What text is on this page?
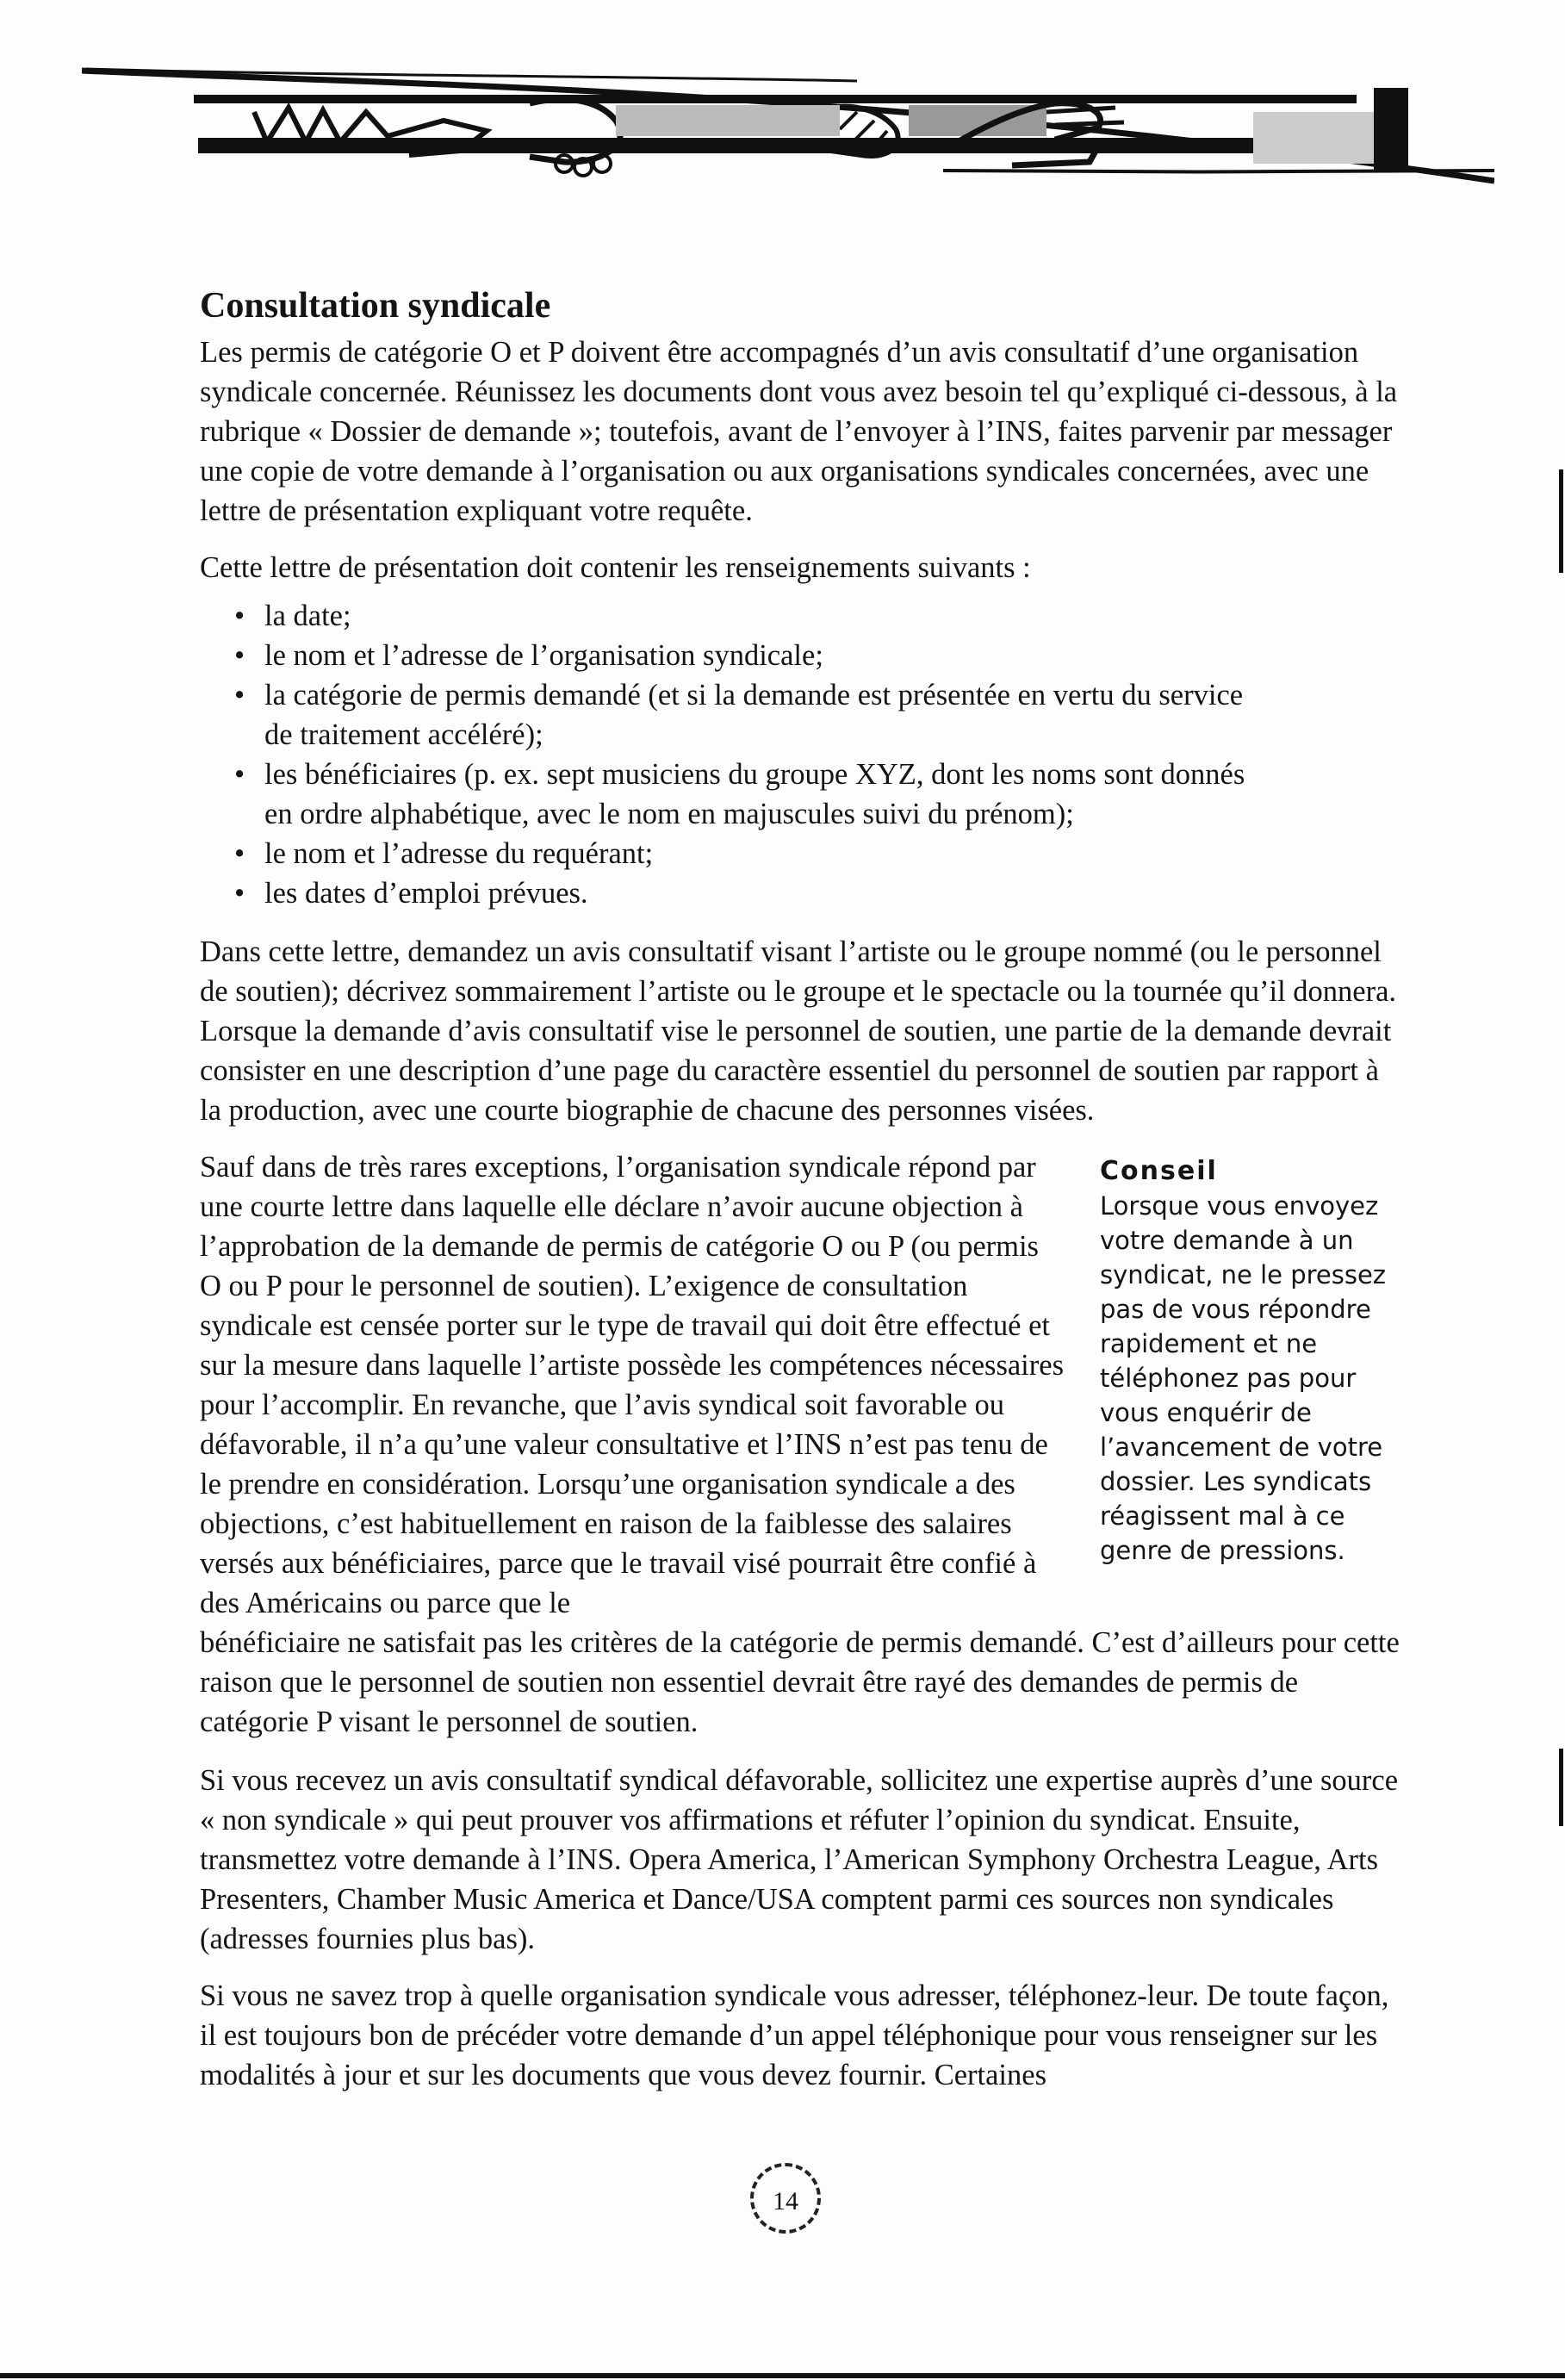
Consultation syndicale

Les permis de catégorie O et P doivent être accompagnés d’un avis consultatif d’une organisation syndicale concernée. Réunissez les documents dont vous avez besoin tel qu’expliqué ci-dessous, à la rubrique « Dossier de demande »; toutefois, avant de l’envoyer à l’INS, faites parvenir par messager une copie de votre demande à l’organisation ou aux organisations syndicales concernées, avec une lettre de présentation expliquant votre requête.

Cette lettre de présentation doit contenir les renseignements suivants :

• la date;
• le nom et l’adresse de l’organisation syndicale;
• la catégorie de permis demandé (et si la demande est présentée en vertu du service de traitement accéléré);
• les bénéficiaires (p. ex. sept musiciens du groupe XYZ, dont les noms sont donnés en ordre alphabétique, avec le nom en majuscules suivi du prénom);
• le nom et l’adresse du requérant;
• les dates d’emploi prévues.

Dans cette lettre, demandez un avis consultatif visant l’artiste ou le groupe nommé (ou le personnel de soutien); décrivez sommairement l’artiste ou le groupe et le spectacle ou la tournée qu’il donnera. Lorsque la demande d’avis consultatif vise le personnel de soutien, une partie de la demande devrait consister en une description d’une page du caractère essentiel du personnel de soutien par rapport à la production, avec une courte biographie de chacune des personnes visées.

Sauf dans de très rares exceptions, l’organisation syndicale répond par une courte lettre dans laquelle elle déclare n’avoir aucune objection à l’approbation de la demande de permis de catégorie O ou P (ou permis O ou P pour le personnel de soutien). L’exigence de consultation syndicale est censée porter sur le type de travail qui doit être effectué et sur la mesure dans laquelle l’artiste possède les compétences nécessaires pour l’accomplir. En revanche, que l’avis syndical soit favorable ou défavorable, il n’a qu’une valeur consultative et l’INS n’est pas tenu de le prendre en considération. Lorsqu’une organisation syndicale a des objections, c’est habituellement en raison de la faiblesse des salaires versés aux bénéficiaires, parce que le travail visé pourrait être confié à des Américains ou parce que le
Conseil
Lorsque vous envoyez votre demande à un syndicat, ne le pressez pas de vous répondre rapidement et ne téléphonez pas pour vous enquérir de l’avancement de votre dossier. Les syndicats réagissent mal à ce genre de pressions.
bénéficiaire ne satisfait pas les critères de la catégorie de permis demandé. C’est d’ailleurs pour cette raison que le personnel de soutien non essentiel devrait être rayé des demandes de permis de catégorie P visant le personnel de soutien.

Si vous recevez un avis consultatif syndical défavorable, sollicitez une expertise auprès d’une source « non syndicale » qui peut prouver vos affirmations et réfuter l’opinion du syndicat. Ensuite, transmettez votre demande à l’INS. Opera America, l’American Symphony Orchestra League, Arts Presenters, Chamber Music America et Dance/USA comptent parmi ces sources non syndicales (adresses fournies plus bas).

Si vous ne savez trop à quelle organisation syndicale vous adresser, téléphonez-leur. De toute façon, il est toujours bon de précéder votre demande d’un appel téléphonique pour vous renseigner sur les modalités à jour et sur les documents que vous devez fournir. Certaines

14
